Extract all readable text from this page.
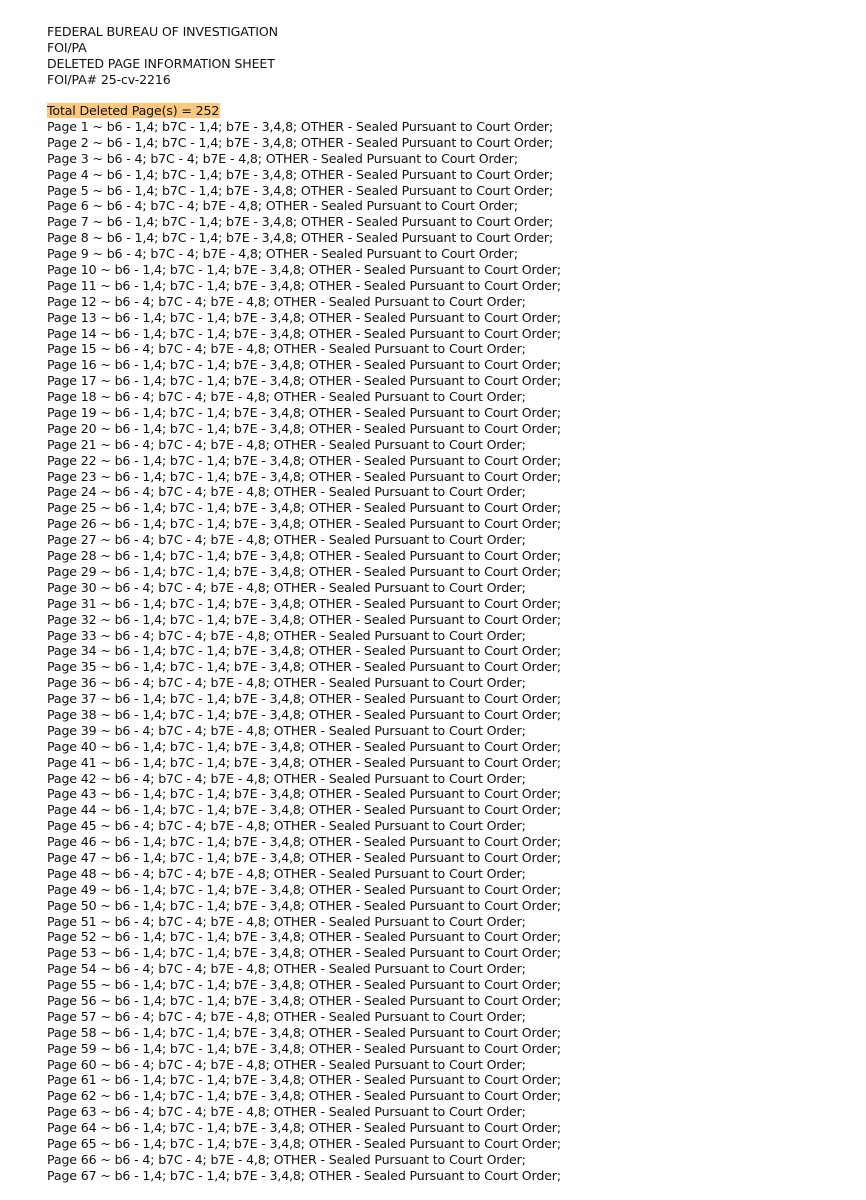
FEDERAL BUREAU OF INVESTIGATION
FOI/PA
DELETED PAGE INFORMATION SHEET
FOI/PA# 25-cv-2216
Total Deleted Page(s) = 252
Page 1 ~ b6 - 1,4; b7C - 1,4; b7E - 3,4,8; OTHER - Sealed Pursuant to Court Order;
Page 2 ~ b6 - 1,4; b7C - 1,4; b7E - 3,4,8; OTHER - Sealed Pursuant to Court Order;
Page 3 ~ b6 - 4; b7C - 4; b7E - 4,8; OTHER - Sealed Pursuant to Court Order;
Page 4 ~ b6 - 1,4; b7C - 1,4; b7E - 3,4,8; OTHER - Sealed Pursuant to Court Order;
Page 5 ~ b6 - 1,4; b7C - 1,4; b7E - 3,4,8; OTHER - Sealed Pursuant to Court Order;
Page 6 ~ b6 - 4; b7C - 4; b7E - 4,8; OTHER - Sealed Pursuant to Court Order;
Page 7 ~ b6 - 1,4; b7C - 1,4; b7E - 3,4,8; OTHER - Sealed Pursuant to Court Order;
Page 8 ~ b6 - 1,4; b7C - 1,4; b7E - 3,4,8; OTHER - Sealed Pursuant to Court Order;
Page 9 ~ b6 - 4; b7C - 4; b7E - 4,8; OTHER - Sealed Pursuant to Court Order;
Page 10 ~ b6 - 1,4; b7C - 1,4; b7E - 3,4,8; OTHER - Sealed Pursuant to Court Order;
Page 11 ~ b6 - 1,4; b7C - 1,4; b7E - 3,4,8; OTHER - Sealed Pursuant to Court Order;
Page 12 ~ b6 - 4; b7C - 4; b7E - 4,8; OTHER - Sealed Pursuant to Court Order;
Page 13 ~ b6 - 1,4; b7C - 1,4; b7E - 3,4,8; OTHER - Sealed Pursuant to Court Order;
Page 14 ~ b6 - 1,4; b7C - 1,4; b7E - 3,4,8; OTHER - Sealed Pursuant to Court Order;
Page 15 ~ b6 - 4; b7C - 4; b7E - 4,8; OTHER - Sealed Pursuant to Court Order;
Page 16 ~ b6 - 1,4; b7C - 1,4; b7E - 3,4,8; OTHER - Sealed Pursuant to Court Order;
Page 17 ~ b6 - 1,4; b7C - 1,4; b7E - 3,4,8; OTHER - Sealed Pursuant to Court Order;
Page 18 ~ b6 - 4; b7C - 4; b7E - 4,8; OTHER - Sealed Pursuant to Court Order;
Page 19 ~ b6 - 1,4; b7C - 1,4; b7E - 3,4,8; OTHER - Sealed Pursuant to Court Order;
Page 20 ~ b6 - 1,4; b7C - 1,4; b7E - 3,4,8; OTHER - Sealed Pursuant to Court Order;
Page 21 ~ b6 - 4; b7C - 4; b7E - 4,8; OTHER - Sealed Pursuant to Court Order;
Page 22 ~ b6 - 1,4; b7C - 1,4; b7E - 3,4,8; OTHER - Sealed Pursuant to Court Order;
Page 23 ~ b6 - 1,4; b7C - 1,4; b7E - 3,4,8; OTHER - Sealed Pursuant to Court Order;
Page 24 ~ b6 - 4; b7C - 4; b7E - 4,8; OTHER - Sealed Pursuant to Court Order;
Page 25 ~ b6 - 1,4; b7C - 1,4; b7E - 3,4,8; OTHER - Sealed Pursuant to Court Order;
Page 26 ~ b6 - 1,4; b7C - 1,4; b7E - 3,4,8; OTHER - Sealed Pursuant to Court Order;
Page 27 ~ b6 - 4; b7C - 4; b7E - 4,8; OTHER - Sealed Pursuant to Court Order;
Page 28 ~ b6 - 1,4; b7C - 1,4; b7E - 3,4,8; OTHER - Sealed Pursuant to Court Order;
Page 29 ~ b6 - 1,4; b7C - 1,4; b7E - 3,4,8; OTHER - Sealed Pursuant to Court Order;
Page 30 ~ b6 - 4; b7C - 4; b7E - 4,8; OTHER - Sealed Pursuant to Court Order;
Page 31 ~ b6 - 1,4; b7C - 1,4; b7E - 3,4,8; OTHER - Sealed Pursuant to Court Order;
Page 32 ~ b6 - 1,4; b7C - 1,4; b7E - 3,4,8; OTHER - Sealed Pursuant to Court Order;
Page 33 ~ b6 - 4; b7C - 4; b7E - 4,8; OTHER - Sealed Pursuant to Court Order;
Page 34 ~ b6 - 1,4; b7C - 1,4; b7E - 3,4,8; OTHER - Sealed Pursuant to Court Order;
Page 35 ~ b6 - 1,4; b7C - 1,4; b7E - 3,4,8; OTHER - Sealed Pursuant to Court Order;
Page 36 ~ b6 - 4; b7C - 4; b7E - 4,8; OTHER - Sealed Pursuant to Court Order;
Page 37 ~ b6 - 1,4; b7C - 1,4; b7E - 3,4,8; OTHER - Sealed Pursuant to Court Order;
Page 38 ~ b6 - 1,4; b7C - 1,4; b7E - 3,4,8; OTHER - Sealed Pursuant to Court Order;
Page 39 ~ b6 - 4; b7C - 4; b7E - 4,8; OTHER - Sealed Pursuant to Court Order;
Page 40 ~ b6 - 1,4; b7C - 1,4; b7E - 3,4,8; OTHER - Sealed Pursuant to Court Order;
Page 41 ~ b6 - 1,4; b7C - 1,4; b7E - 3,4,8; OTHER - Sealed Pursuant to Court Order;
Page 42 ~ b6 - 4; b7C - 4; b7E - 4,8; OTHER - Sealed Pursuant to Court Order;
Page 43 ~ b6 - 1,4; b7C - 1,4; b7E - 3,4,8; OTHER - Sealed Pursuant to Court Order;
Page 44 ~ b6 - 1,4; b7C - 1,4; b7E - 3,4,8; OTHER - Sealed Pursuant to Court Order;
Page 45 ~ b6 - 4; b7C - 4; b7E - 4,8; OTHER - Sealed Pursuant to Court Order;
Page 46 ~ b6 - 1,4; b7C - 1,4; b7E - 3,4,8; OTHER - Sealed Pursuant to Court Order;
Page 47 ~ b6 - 1,4; b7C - 1,4; b7E - 3,4,8; OTHER - Sealed Pursuant to Court Order;
Page 48 ~ b6 - 4; b7C - 4; b7E - 4,8; OTHER - Sealed Pursuant to Court Order;
Page 49 ~ b6 - 1,4; b7C - 1,4; b7E - 3,4,8; OTHER - Sealed Pursuant to Court Order;
Page 50 ~ b6 - 1,4; b7C - 1,4; b7E - 3,4,8; OTHER - Sealed Pursuant to Court Order;
Page 51 ~ b6 - 4; b7C - 4; b7E - 4,8; OTHER - Sealed Pursuant to Court Order;
Page 52 ~ b6 - 1,4; b7C - 1,4; b7E - 3,4,8; OTHER - Sealed Pursuant to Court Order;
Page 53 ~ b6 - 1,4; b7C - 1,4; b7E - 3,4,8; OTHER - Sealed Pursuant to Court Order;
Page 54 ~ b6 - 4; b7C - 4; b7E - 4,8; OTHER - Sealed Pursuant to Court Order;
Page 55 ~ b6 - 1,4; b7C - 1,4; b7E - 3,4,8; OTHER - Sealed Pursuant to Court Order;
Page 56 ~ b6 - 1,4; b7C - 1,4; b7E - 3,4,8; OTHER - Sealed Pursuant to Court Order;
Page 57 ~ b6 - 4; b7C - 4; b7E - 4,8; OTHER - Sealed Pursuant to Court Order;
Page 58 ~ b6 - 1,4; b7C - 1,4; b7E - 3,4,8; OTHER - Sealed Pursuant to Court Order;
Page 59 ~ b6 - 1,4; b7C - 1,4; b7E - 3,4,8; OTHER - Sealed Pursuant to Court Order;
Page 60 ~ b6 - 4; b7C - 4; b7E - 4,8; OTHER - Sealed Pursuant to Court Order;
Page 61 ~ b6 - 1,4; b7C - 1,4; b7E - 3,4,8; OTHER - Sealed Pursuant to Court Order;
Page 62 ~ b6 - 1,4; b7C - 1,4; b7E - 3,4,8; OTHER - Sealed Pursuant to Court Order;
Page 63 ~ b6 - 4; b7C - 4; b7E - 4,8; OTHER - Sealed Pursuant to Court Order;
Page 64 ~ b6 - 1,4; b7C - 1,4; b7E - 3,4,8; OTHER - Sealed Pursuant to Court Order;
Page 65 ~ b6 - 1,4; b7C - 1,4; b7E - 3,4,8; OTHER - Sealed Pursuant to Court Order;
Page 66 ~ b6 - 4; b7C - 4; b7E - 4,8; OTHER - Sealed Pursuant to Court Order;
Page 67 ~ b6 - 1,4; b7C - 1,4; b7E - 3,4,8; OTHER - Sealed Pursuant to Court Order;
